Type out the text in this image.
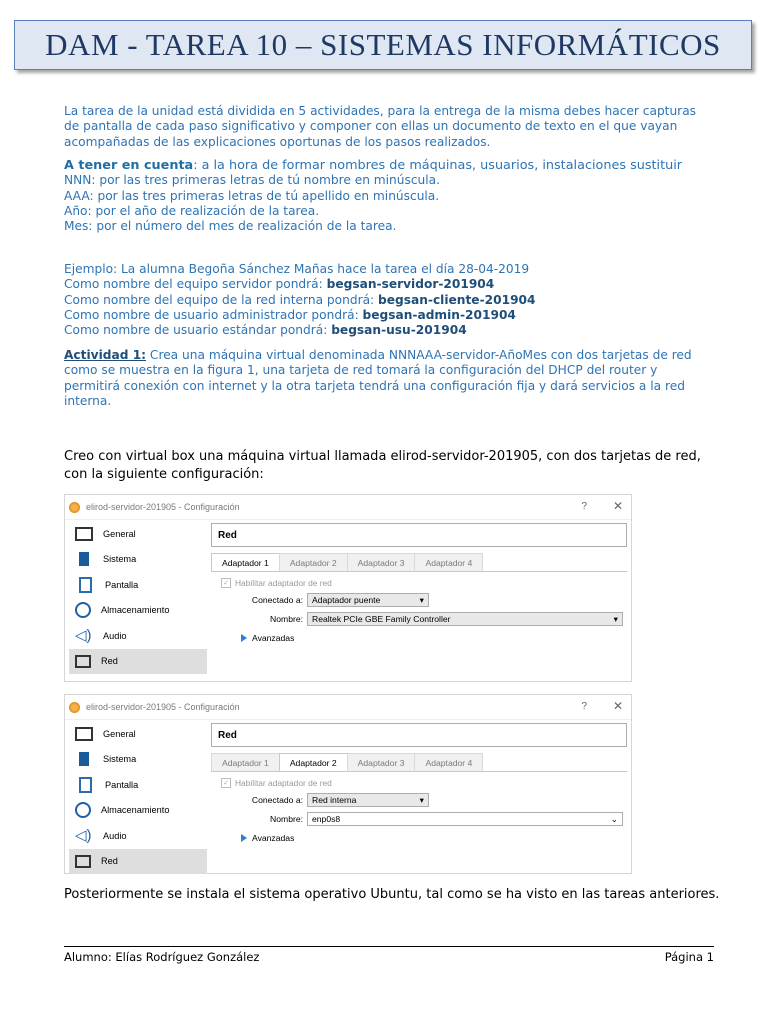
DAM - TAREA 10 – SISTEMAS INFORMÁTICOS

La tarea de la unidad está dividida en 5 actividades, para la entrega de la misma debes hacer capturas de pantalla de cada paso significativo y componer con ellas un documento de texto en el que vayan acompañadas de las explicaciones oportunas de los pasos realizados.

A tener en cuenta: a la hora de formar nombres de máquinas, usuarios, instalaciones sustituir

NNN: por las tres primeras letras de tú nombre en minúscula.

AAA: por las tres primeras letras de tú apellido en minúscula.

Año: por el año de realización de la tarea.

Mes: por el número del mes de realización de la tarea.

Ejemplo: La alumna Begoña Sánchez Mañas hace la tarea el día 28-04-2019

Como nombre del equipo servidor pondrá: begsan-servidor-201904

Como nombre del equipo de la red interna pondrá: begsan-cliente-201904

Como nombre de usuario administrador pondrá: begsan-admin-201904

Como nombre de usuario estándar pondrá: begsan-usu-201904

Actividad 1: Crea una máquina virtual denominada NNNAAA-servidor-AñoMes con dos tarjetas de red como se muestra en la figura 1, una tarjeta de red tomará la configuración del DHCP del router y permitirá conexión con internet y la otra tarjeta tendrá una configuración fija y dará servicios a la red interna.

Creo con virtual box una máquina virtual llamada elirod-servidor-201905, con dos tarjetas de red, con la siguiente configuración:
elirod-servidor-201905 - Configuración	? ✕
General
Sistema
Pantalla
Almacenamiento
◁) Audio
Red
Red
Adaptador 1	Adaptador 2	Adaptador 3	Adaptador 4
✓ Habilitar adaptador de red
Conectado a:	Adaptador puente	▾
Nombre:	Realtek PCIe GBE Family Controller	▾
Avanzadas
elirod-servidor-201905 - Configuración	? ✕
General
Sistema
Pantalla
Almacenamiento
◁) Audio
Red
Red
Adaptador 1	Adaptador 2	Adaptador 3	Adaptador 4
✓ Habilitar adaptador de red
Conectado a:	Red interna	▾
Nombre:	enp0s8	⌄
Avanzadas
Posteriormente se instala el sistema operativo Ubuntu, tal como se ha visto en las tareas anteriores.
Alumno: Elías Rodríguez González	Página 1
